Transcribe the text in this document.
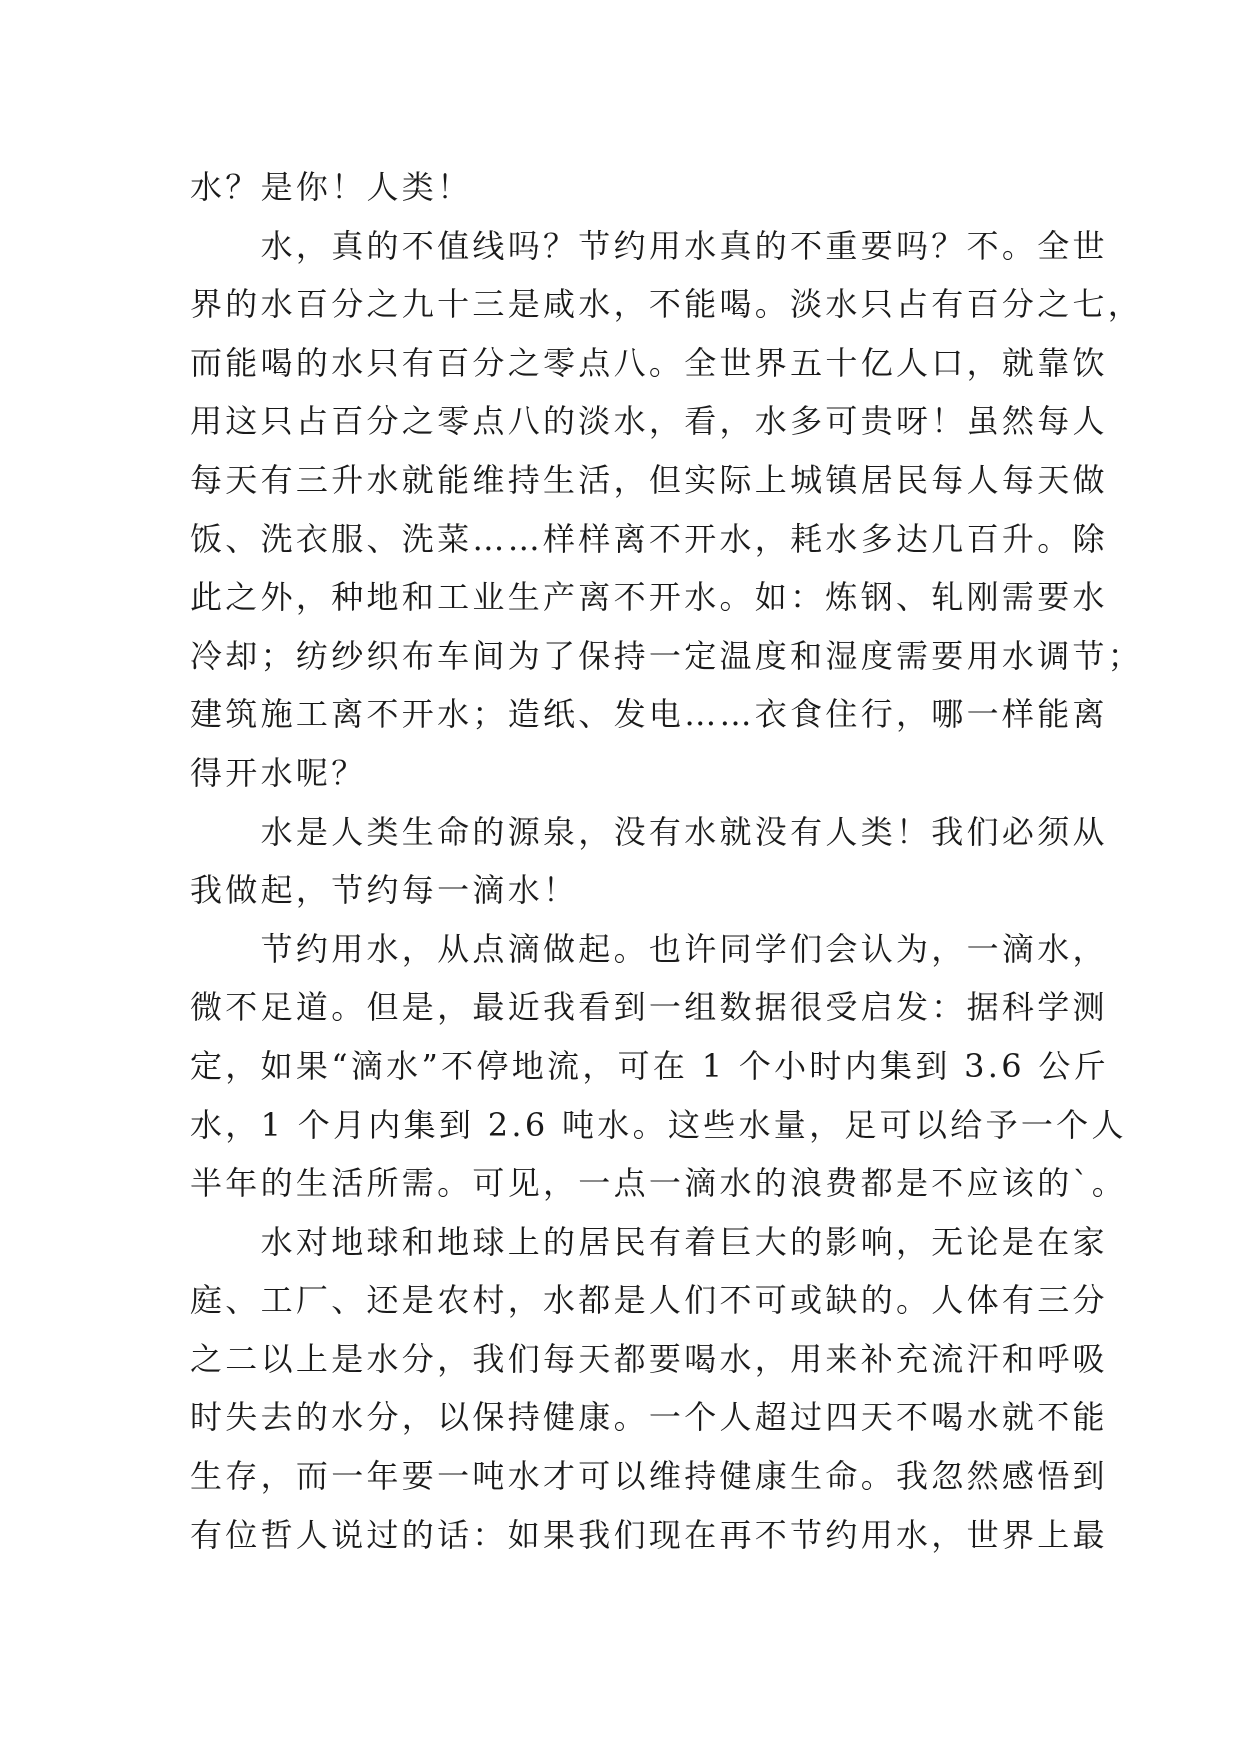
水？是你！人类！
　　水，真的不值线吗？节约用水真的不重要吗？不。全世
界的水百分之九十三是咸水，不能喝。淡水只占有百分之七，
而能喝的水只有百分之零点八。全世界五十亿人口，就靠饮
用这只占百分之零点八的淡水，看，水多可贵呀！虽然每人
每天有三升水就能维持生活，但实际上城镇居民每人每天做
饭、洗衣服、洗菜……样样离不开水，耗水多达几百升。除
此之外，种地和工业生产离不开水。如：炼钢、轧刚需要水
冷却；纺纱织布车间为了保持一定温度和湿度需要用水调节；
建筑施工离不开水；造纸、发电……衣食住行，哪一样能离
得开水呢？
　　水是人类生命的源泉，没有水就没有人类！我们必须从
我做起，节约每一滴水！
　　节约用水，从点滴做起。也许同学们会认为，一滴水，
微不足道。但是，最近我看到一组数据很受启发：据科学测
定，如果“滴水”不停地流，可在 1 个小时内集到 3.6 公斤
水，1 个月内集到 2.6 吨水。这些水量，足可以给予一个人
半年的生活所需。可见，一点一滴水的浪费都是不应该的`。
　　水对地球和地球上的居民有着巨大的影响，无论是在家
庭、工厂、还是农村，水都是人们不可或缺的。人体有三分
之二以上是水分，我们每天都要喝水，用来补充流汗和呼吸
时失去的水分，以保持健康。一个人超过四天不喝水就不能
生存，而一年要一吨水才可以维持健康生命。我忽然感悟到
有位哲人说过的话：如果我们现在再不节约用水，世界上最
